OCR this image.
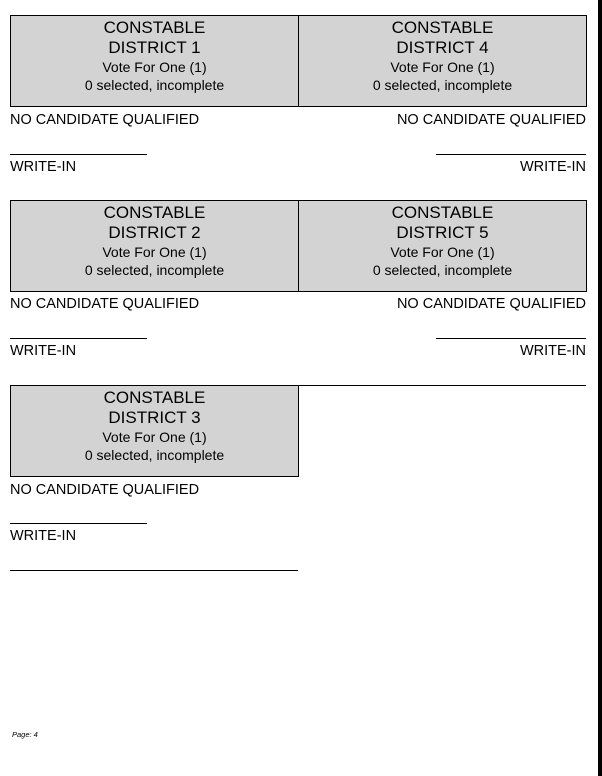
CONSTABLE
DISTRICT 1
Vote For One (1)
0 selected, incomplete
NO CANDIDATE QUALIFIED
WRITE-IN
CONSTABLE
DISTRICT 4
Vote For One (1)
0 selected, incomplete
NO CANDIDATE QUALIFIED
WRITE-IN
CONSTABLE
DISTRICT 2
Vote For One (1)
0 selected, incomplete
NO CANDIDATE QUALIFIED
WRITE-IN
CONSTABLE
DISTRICT 5
Vote For One (1)
0 selected, incomplete
NO CANDIDATE QUALIFIED
WRITE-IN
CONSTABLE
DISTRICT 3
Vote For One (1)
0 selected, incomplete
NO CANDIDATE QUALIFIED
WRITE-IN
Page: 4
